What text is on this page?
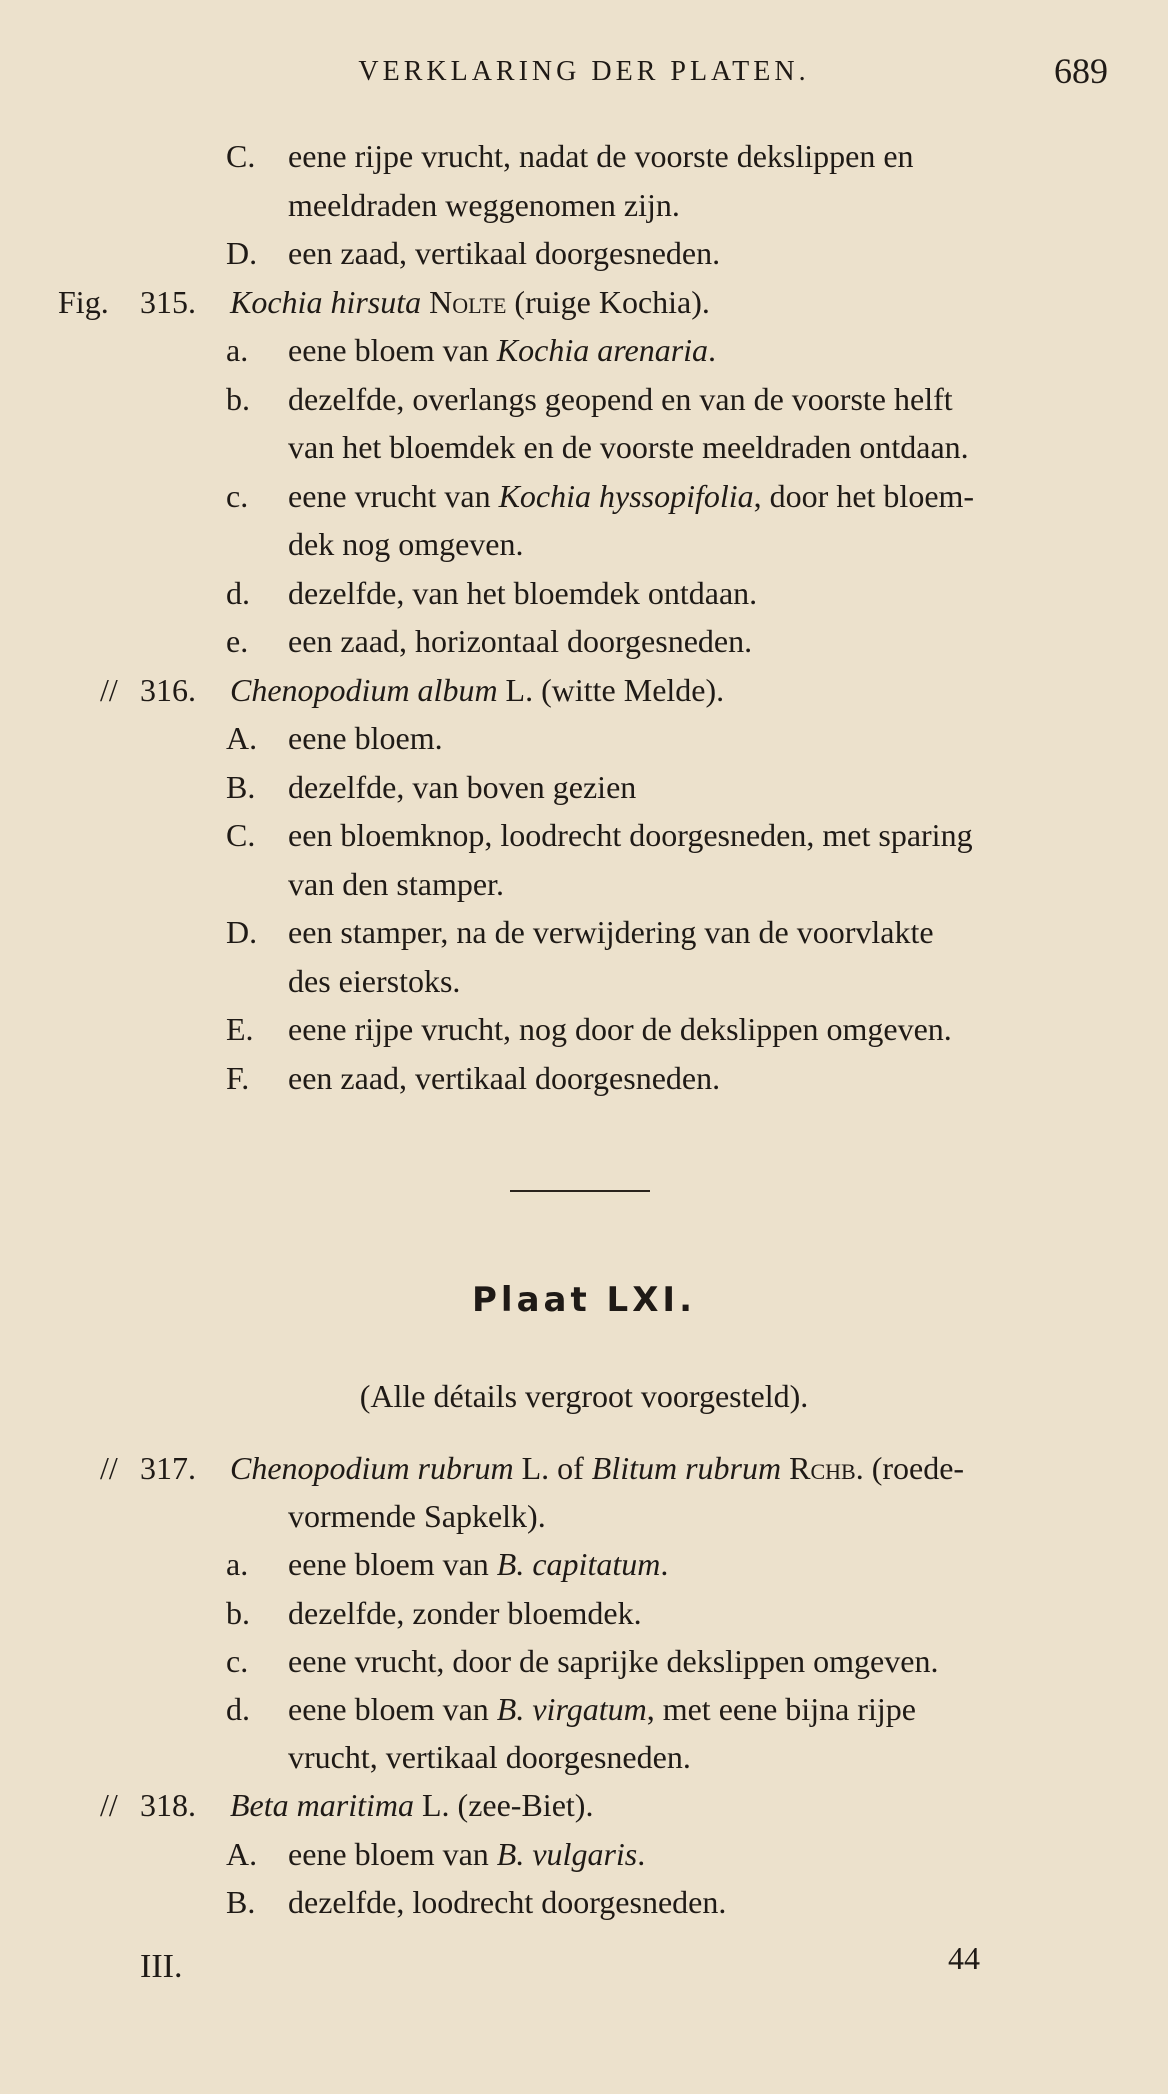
VERKLARING DER PLATEN.	689
C. eene rijpe vrucht, nadat de voorste dekslippen en
meeldraden weggenomen zijn.
D. een zaad, vertikaal doorgesneden.
Fig. 315. Kochia hirsuta Nolte (ruige Kochia).
a. eene bloem van Kochia arenaria.
b. dezelfde, overlangs geopend en van de voorste helft
van het bloemdek en de voorste meeldraden ontdaan.
c. eene vrucht van Kochia hyssopifolia, door het bloem-
dek nog omgeven.
d. dezelfde, van het bloemdek ontdaan.
e. een zaad, horizontaal doorgesneden.
// 316. Chenopodium album L. (witte Melde).
A. eene bloem.
B. dezelfde, van boven gezien
C. een bloemknop, loodrecht doorgesneden, met sparing
van den stamper.
D. een stamper, na de verwijdering van de voorvlakte
des eierstoks.
E. eene rijpe vrucht, nog door de dekslippen omgeven.
F. een zaad, vertikaal doorgesneden.
Plaat LXI.
(Alle détails vergroot voorgesteld).
// 317. Chenopodium rubrum L. of Blitum rubrum Rchb. (roede-
vormende Sapkelk).
a. eene bloem van B. capitatum.
b. dezelfde, zonder bloemdek.
c. eene vrucht, door de saprijke dekslippen omgeven.
d. eene bloem van B. virgatum, met eene bijna rijpe
vrucht, vertikaal doorgesneden.
// 318. Beta maritima L. (zee-Biet).
A. eene bloem van B. vulgaris.
B. dezelfde, loodrecht doorgesneden.
III.	44
